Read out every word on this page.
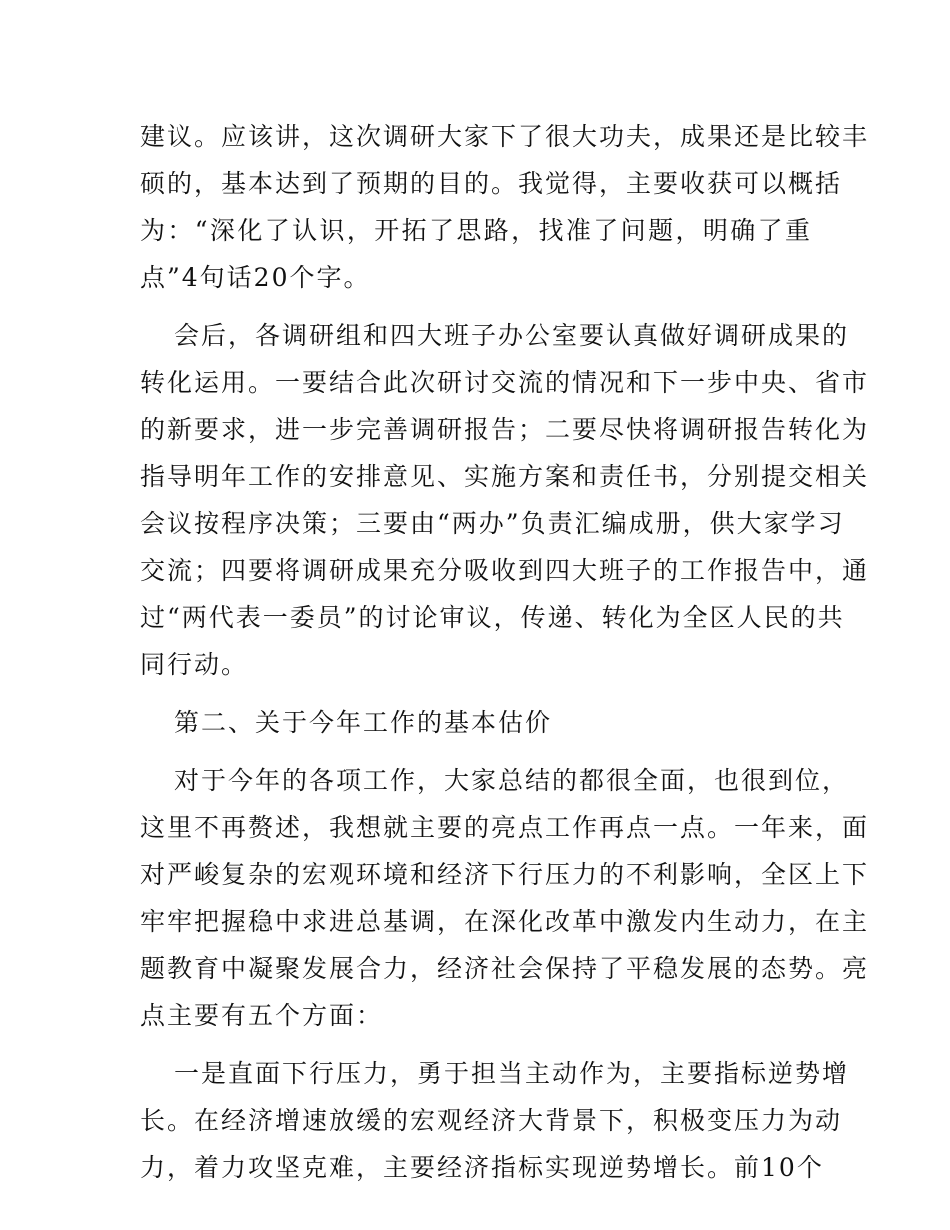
建议。应该讲，这次调研大家下了很大功夫，成果还是比较丰
硕的，基本达到了预期的目的。我觉得，主要收获可以概括
为：“深化了认识，开拓了思路，找准了问题，明确了重
点”4句话20个字。
会后，各调研组和四大班子办公室要认真做好调研成果的
转化运用。一要结合此次研讨交流的情况和下一步中央、省市
的新要求，进一步完善调研报告；二要尽快将调研报告转化为
指导明年工作的安排意见、实施方案和责任书，分别提交相关
会议按程序决策；三要由“两办”负责汇编成册，供大家学习
交流；四要将调研成果充分吸收到四大班子的工作报告中，通
过“两代表一委员”的讨论审议，传递、转化为全区人民的共
同行动。
第二、关于今年工作的基本估价
对于今年的各项工作，大家总结的都很全面，也很到位，
这里不再赘述，我想就主要的亮点工作再点一点。一年来，面
对严峻复杂的宏观环境和经济下行压力的不利影响，全区上下
牢牢把握稳中求进总基调，在深化改革中激发内生动力，在主
题教育中凝聚发展合力，经济社会保持了平稳发展的态势。亮
点主要有五个方面：
一是直面下行压力，勇于担当主动作为，主要指标逆势增
长。在经济增速放缓的宏观经济大背景下，积极变压力为动
力，着力攻坚克难，主要经济指标实现逆势增长。前10个
